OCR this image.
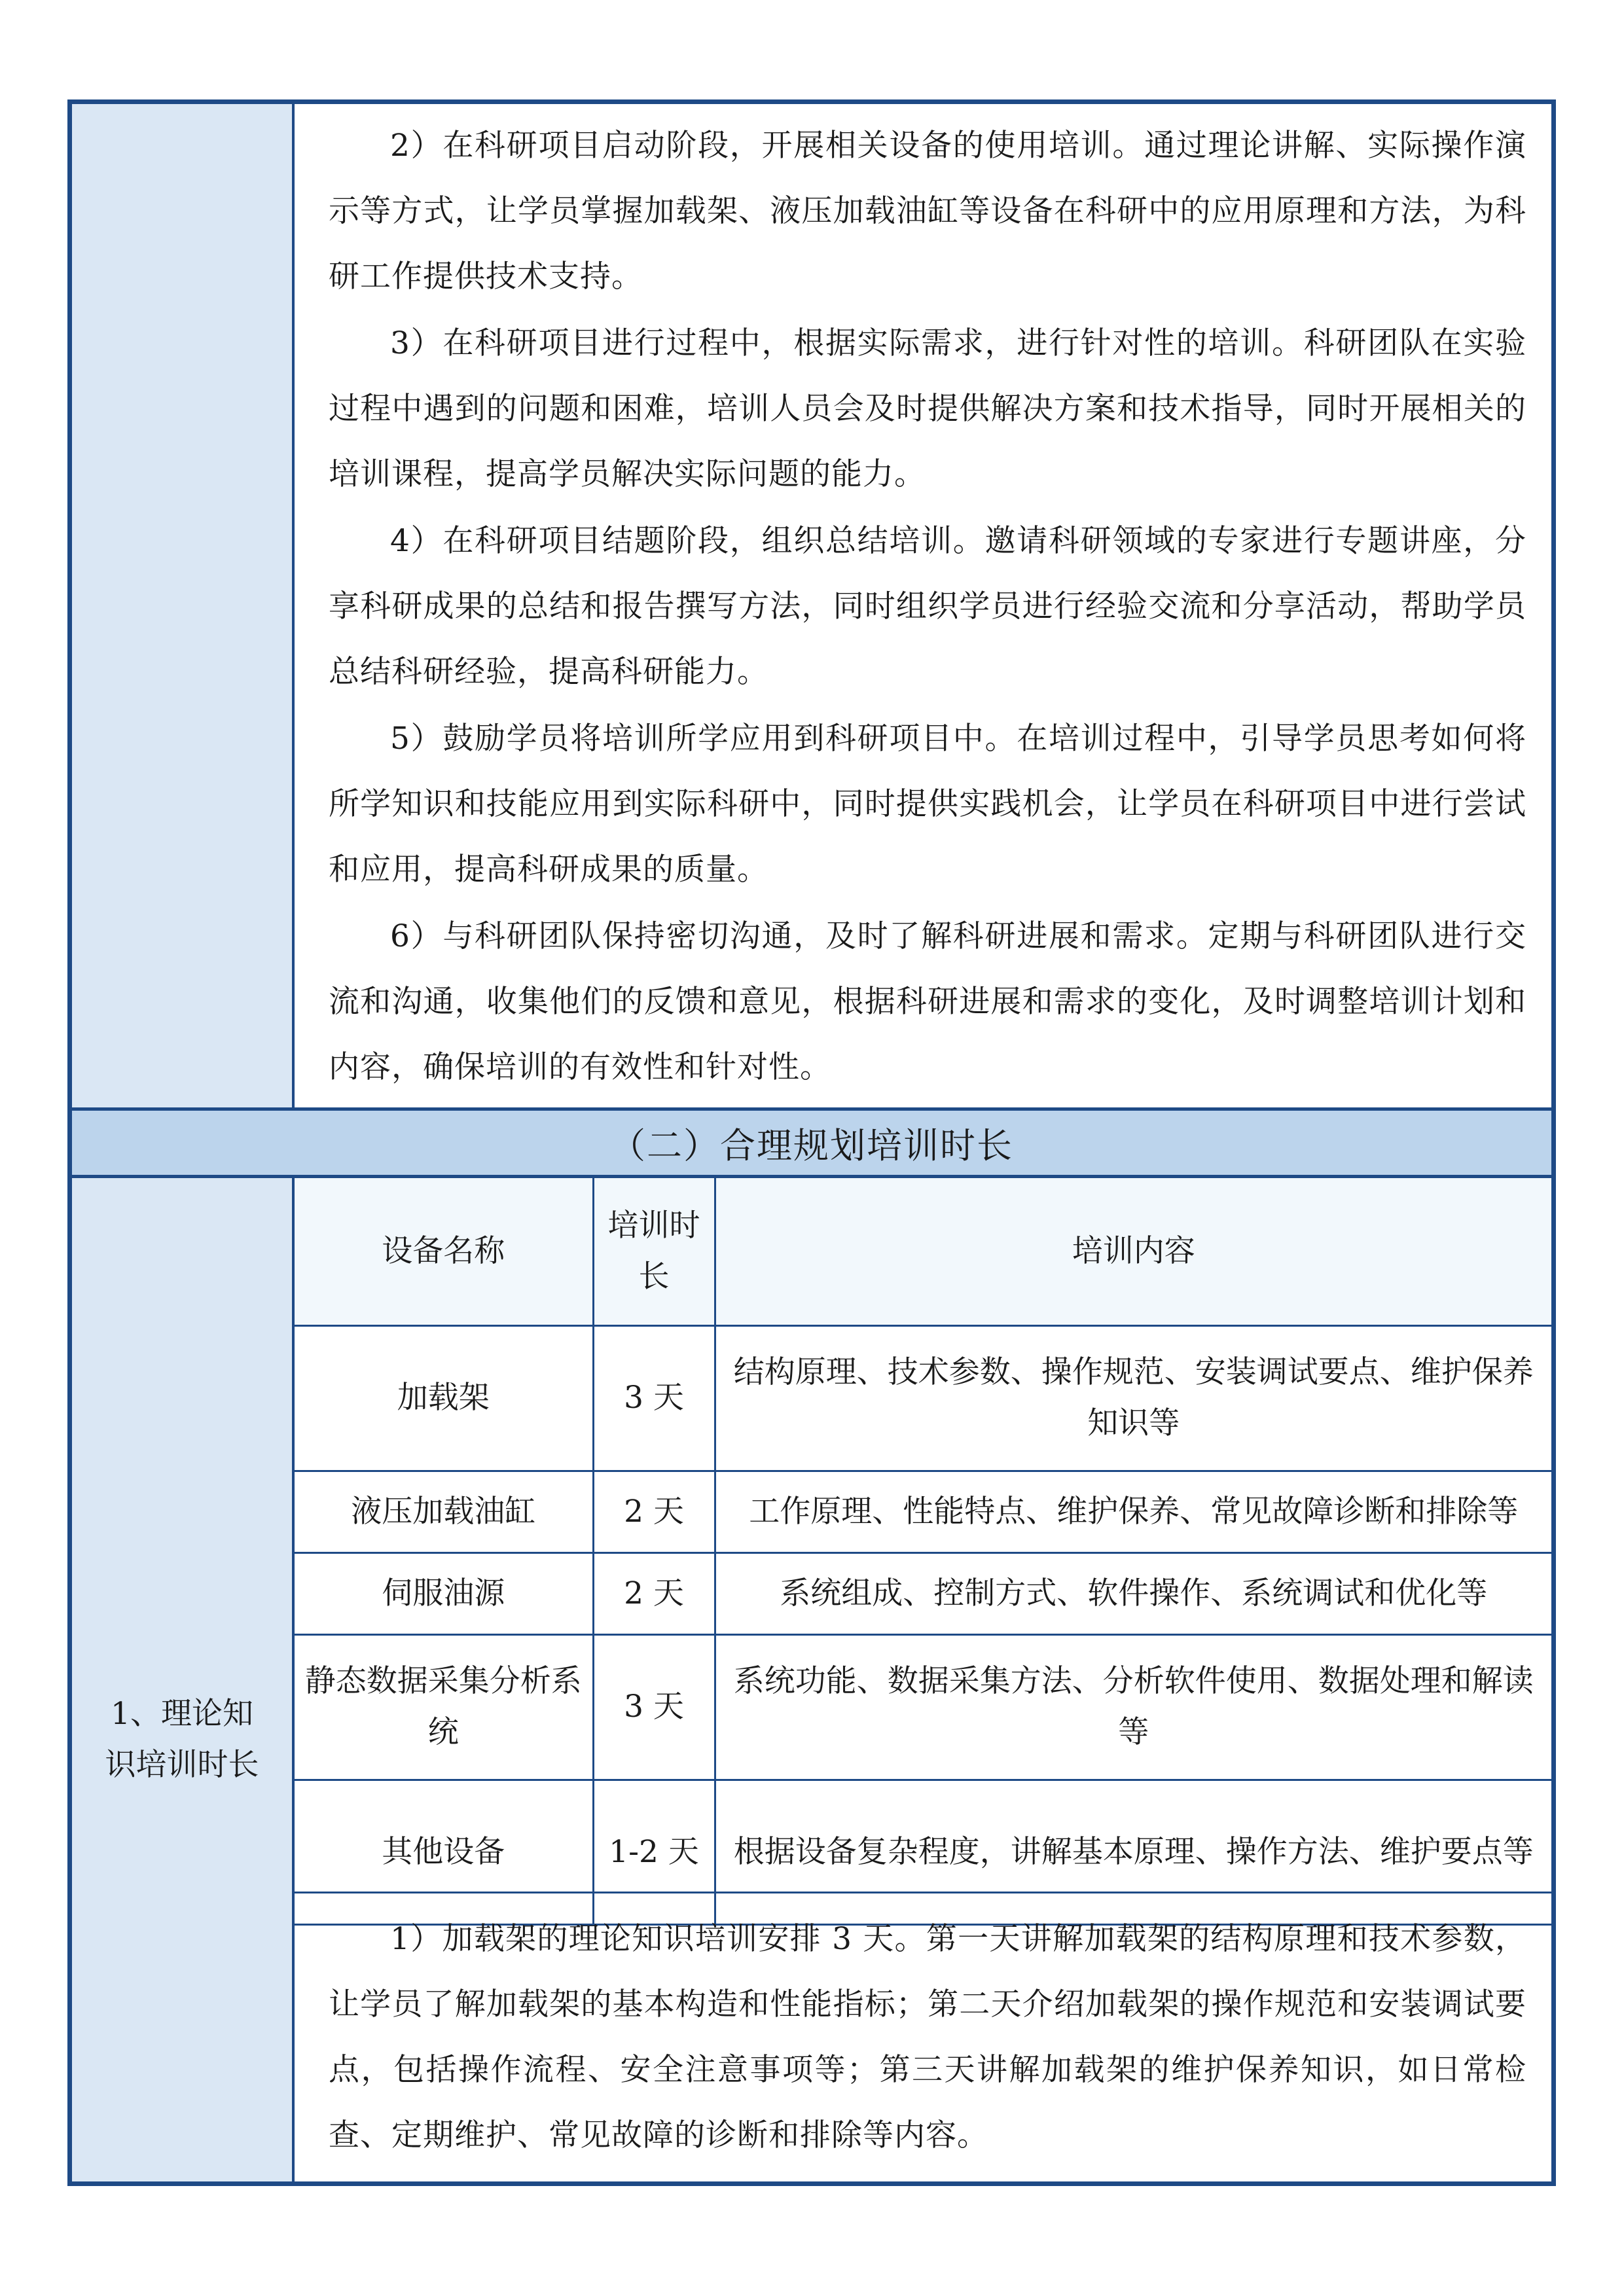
2）在科研项目启动阶段，开展相关设备的使用培训。通过理论讲解、实际操作演示等方式，让学员掌握加载架、液压加载油缸等设备在科研中的应用原理和方法，为科研工作提供技术支持。

3）在科研项目进行过程中，根据实际需求，进行针对性的培训。科研团队在实验过程中遇到的问题和困难，培训人员会及时提供解决方案和技术指导，同时开展相关的培训课程，提高学员解决实际问题的能力。

4）在科研项目结题阶段，组织总结培训。邀请科研领域的专家进行专题讲座，分享科研成果的总结和报告撰写方法，同时组织学员进行经验交流和分享活动，帮助学员总结科研经验，提高科研能力。

5）鼓励学员将培训所学应用到科研项目中。在培训过程中，引导学员思考如何将所学知识和技能应用到实际科研中，同时提供实践机会，让学员在科研项目中进行尝试和应用，提高科研成果的质量。

6）与科研团队保持密切沟通，及时了解科研进展和需求。定期与科研团队进行交流和沟通，收集他们的反馈和意见，根据科研进展和需求的变化，及时调整培训计划和内容，确保培训的有效性和针对性。

（二）合理规划培训时长
1、理论知识培训时长
设备名称	培训时长	培训内容
加载架	3 天	结构原理、技术参数、操作规范、安装调试要点、维护保养知识等
液压加载油缸	2 天	工作原理、性能特点、维护保养、常见故障诊断和排除等
伺服油源	2 天	系统组成、控制方式、软件操作、系统调试和优化等
静态数据采集分析系统	3 天	系统功能、数据采集方法、分析软件使用、数据处理和解读等
其他设备	1-2 天	根据设备复杂程度，讲解基本原理、操作方法、维护要点等

1）加载架的理论知识培训安排 3 天。第一天讲解加载架的结构原理和技术参数，让学员了解加载架的基本构造和性能指标；第二天介绍加载架的操作规范和安装调试要点，包括操作流程、安全注意事项等；第三天讲解加载架的维护保养知识，如日常检查、定期维护、常见故障的诊断和排除等内容。
